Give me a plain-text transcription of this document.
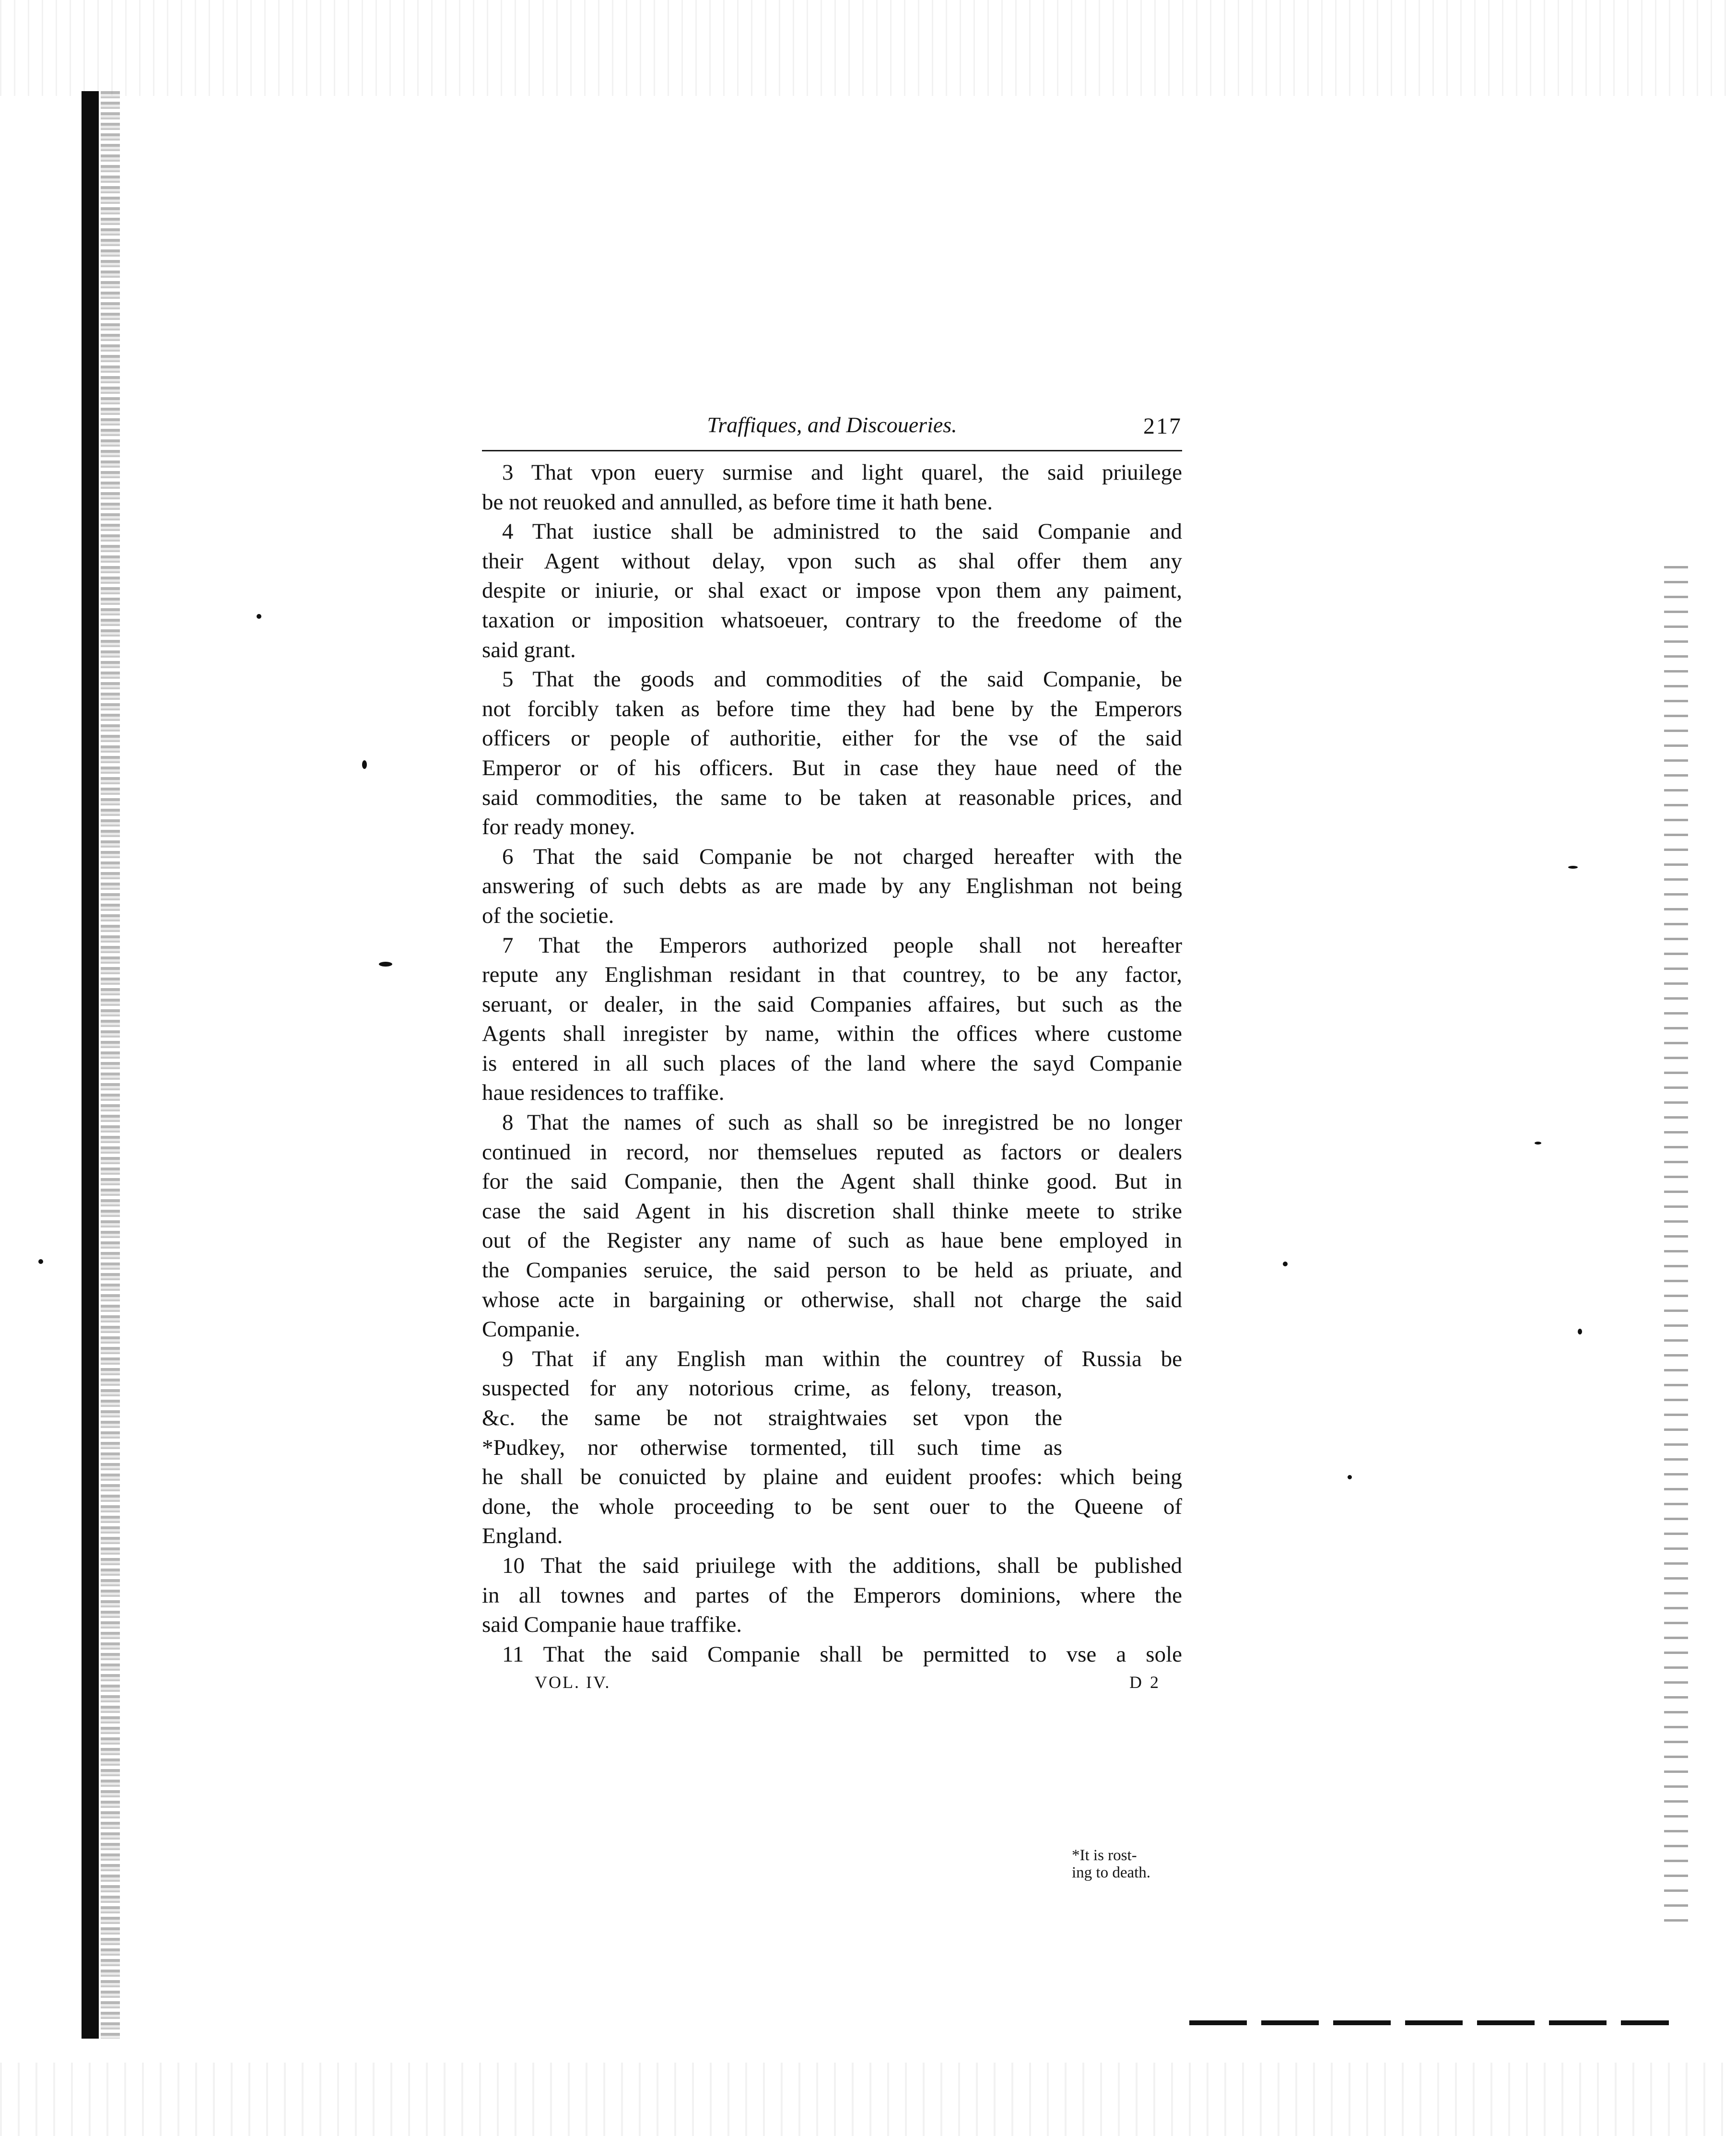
Traffiques, and Discoueries.	217

3 That vpon euery surmise and light quarel, the said priuilege
be not reuoked and annulled, as before time it hath bene.

4 That iustice shall be administred to the said Companie and
their Agent without delay, vpon such as shal offer them any
despite or iniurie, or shal exact or impose vpon them any paiment,
taxation or imposition whatsoeuer, contrary to the freedome of the
said grant.

5 That the goods and commodities of the said Companie, be
not forcibly taken as before time they had bene by the Emperors
officers or people of authoritie, either for the vse of the said
Emperor or of his officers. But in case they haue need of the
said commodities, the same to be taken at reasonable prices, and
for ready money.

6 That the said Companie be not charged hereafter with the
answering of such debts as are made by any Englishman not being
of the societie.

7 That the Emperors authorized people shall not hereafter
repute any Englishman residant in that countrey, to be any factor,
seruant, or dealer, in the said Companies affaires, but such as the
Agents shall inregister by name, within the offices where custome
is entered in all such places of the land where the sayd Companie
haue residences to traffike.

8 That the names of such as shall so be inregistred be no longer
continued in record, nor themselues reputed as factors or dealers
for the said Companie, then the Agent shall thinke good. But in
case the said Agent in his discretion shall thinke meete to strike
out of the Register any name of such as haue bene employed in
the Companies seruice, the said person to be held as priuate, and
whose acte in bargaining or otherwise, shall not charge the said
Companie.

9 That if any English man within the countrey of Russia be
suspected for any notorious crime, as felony, treason,
&c. the same be not straightwaies set vpon the
*Pudkey, nor otherwise tormented, till such time as
he shall be conuicted by plaine and euident proofes: which being
done, the whole proceeding to be sent ouer to the Queene of
England.

10 That the said priuilege with the additions, shall be published
in all townes and partes of the Emperors dominions, where the
said Companie haue traffike.

11 That the said Companie shall be permitted to vse a sole

*It is rost-
ing to death.
VOL. IV.	D 2
